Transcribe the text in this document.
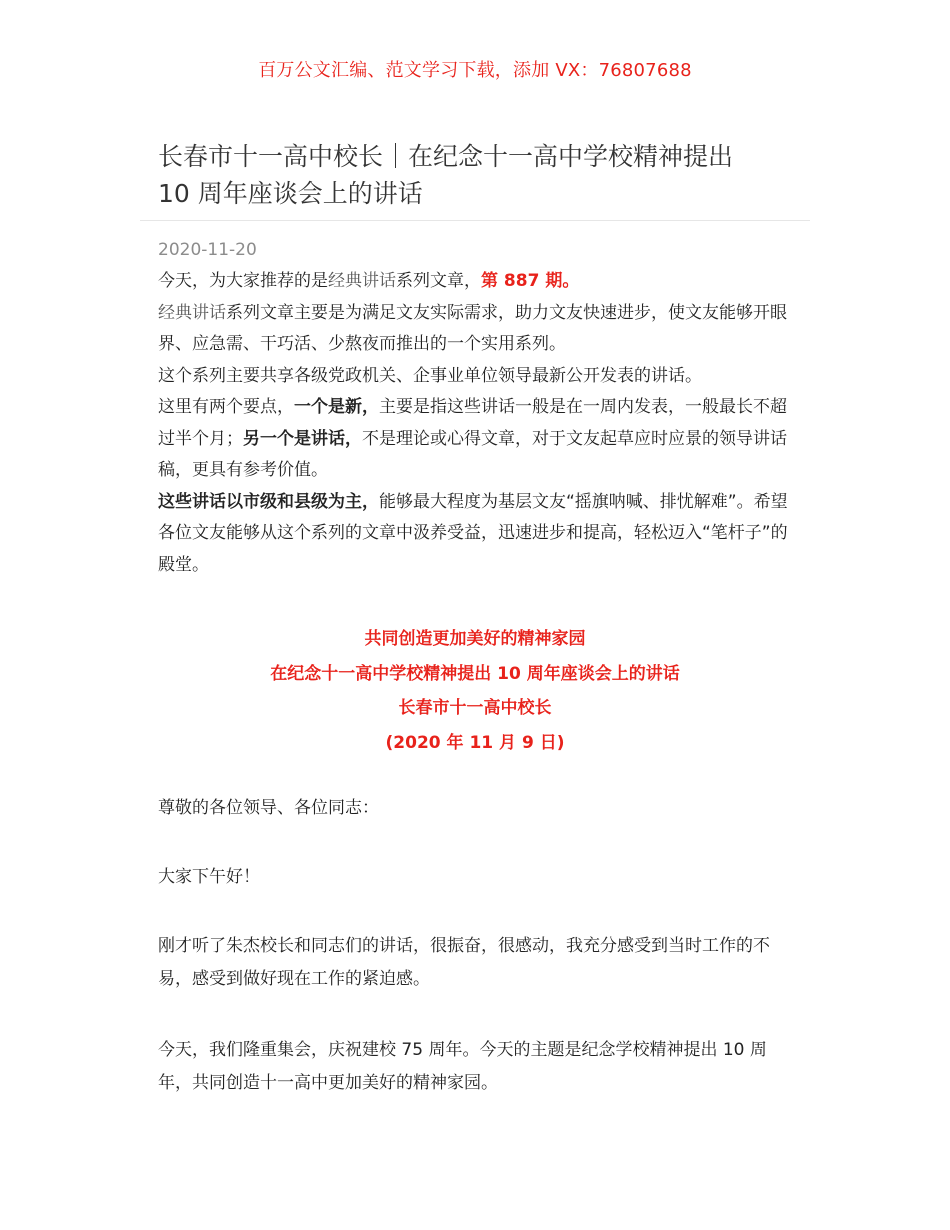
百万公文汇编、范文学习下载，添加 VX：76807688
长春市十一高中校长｜在纪念十一高中学校精神提出
10 周年座谈会上的讲话
2020-11-20

今天，为大家推荐的是经典讲话系列文章，第 887 期。

经典讲话系列文章主要是为满足文友实际需求，助力文友快速进步，使文友能够开眼界、应急需、干巧活、少熬夜而推出的一个实用系列。

这个系列主要共享各级党政机关、企事业单位领导最新公开发表的讲话。

这里有两个要点，一个是新，主要是指这些讲话一般是在一周内发表，一般最长不超过半个月；另一个是讲话，不是理论或心得文章，对于文友起草应时应景的领导讲话稿，更具有参考价值。

这些讲话以市级和县级为主，能够最大程度为基层文友“摇旗呐喊、排忧解难”。希望各位文友能够从这个系列的文章中汲养受益，迅速进步和提高，轻松迈入“笔杆子”的殿堂。

共同创造更加美好的精神家园
在纪念十一高中学校精神提出 10 周年座谈会上的讲话
长春市十一高中校长
(2020 年 11 月 9 日)

尊敬的各位领导、各位同志：

大家下午好！

刚才听了朱杰校长和同志们的讲话，很振奋，很感动，我充分感受到当时工作的不易，感受到做好现在工作的紧迫感。

今天，我们隆重集会，庆祝建校 75 周年。今天的主题是纪念学校精神提出 10 周年，共同创造十一高中更加美好的精神家园。
